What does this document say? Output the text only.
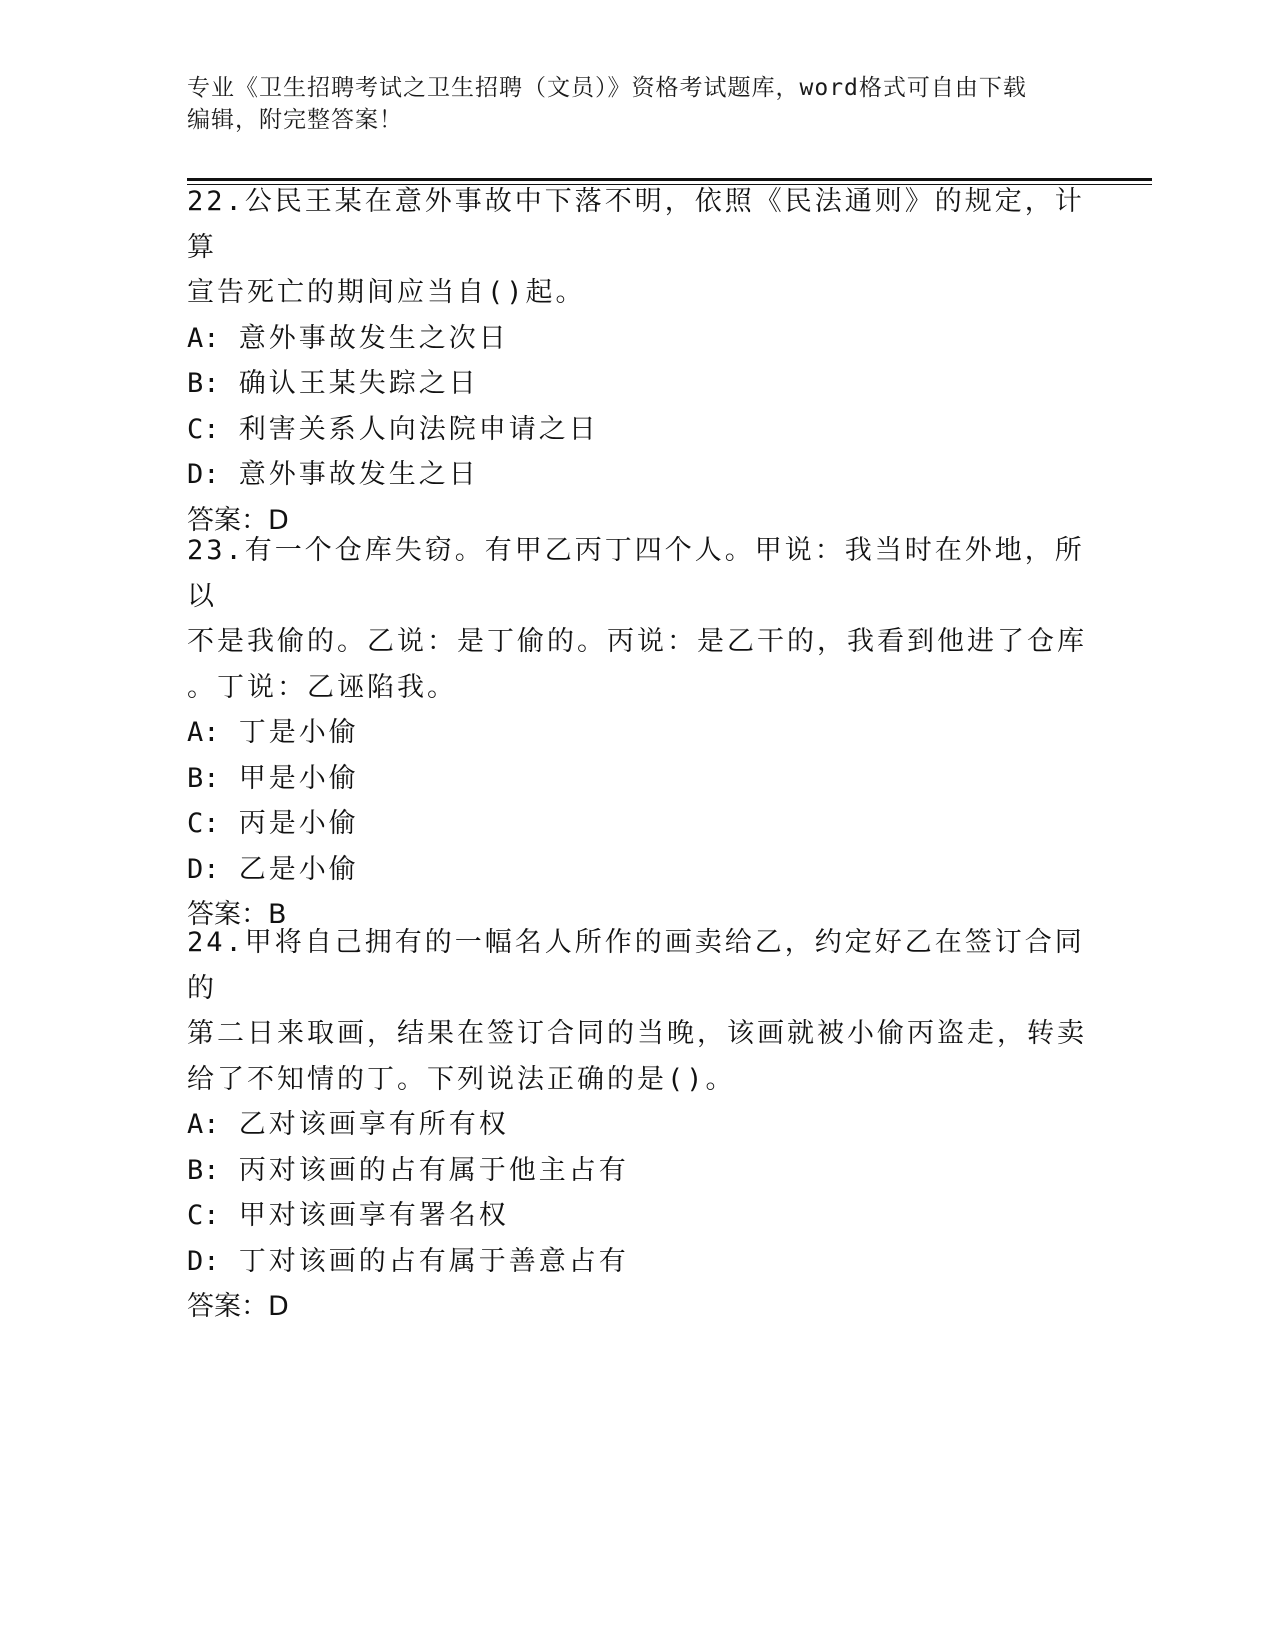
专业《卫生招聘考试之卫生招聘（文员）》资格考试题库，word格式可自由下载
编辑，附完整答案！

22.公民王某在意外事故中下落不明，依照《民法通则》的规定，计算

宣告死亡的期间应当自()起。

A: 意外事故发生之次日

B: 确认王某失踪之日

C: 利害关系人向法院申请之日

D: 意外事故发生之日

答案：D

23.有一个仓库失窃。有甲乙丙丁四个人。甲说：我当时在外地，所以

不是我偷的。乙说：是丁偷的。丙说：是乙干的，我看到他进了仓库

。丁说：乙诬陷我。

A: 丁是小偷

B: 甲是小偷

C: 丙是小偷

D: 乙是小偷

答案：B

24.甲将自己拥有的一幅名人所作的画卖给乙，约定好乙在签订合同的

第二日来取画，结果在签订合同的当晚，该画就被小偷丙盗走，转卖

给了不知情的丁。下列说法正确的是()。

A: 乙对该画享有所有权

B: 丙对该画的占有属于他主占有

C: 甲对该画享有署名权

D: 丁对该画的占有属于善意占有

答案：D
